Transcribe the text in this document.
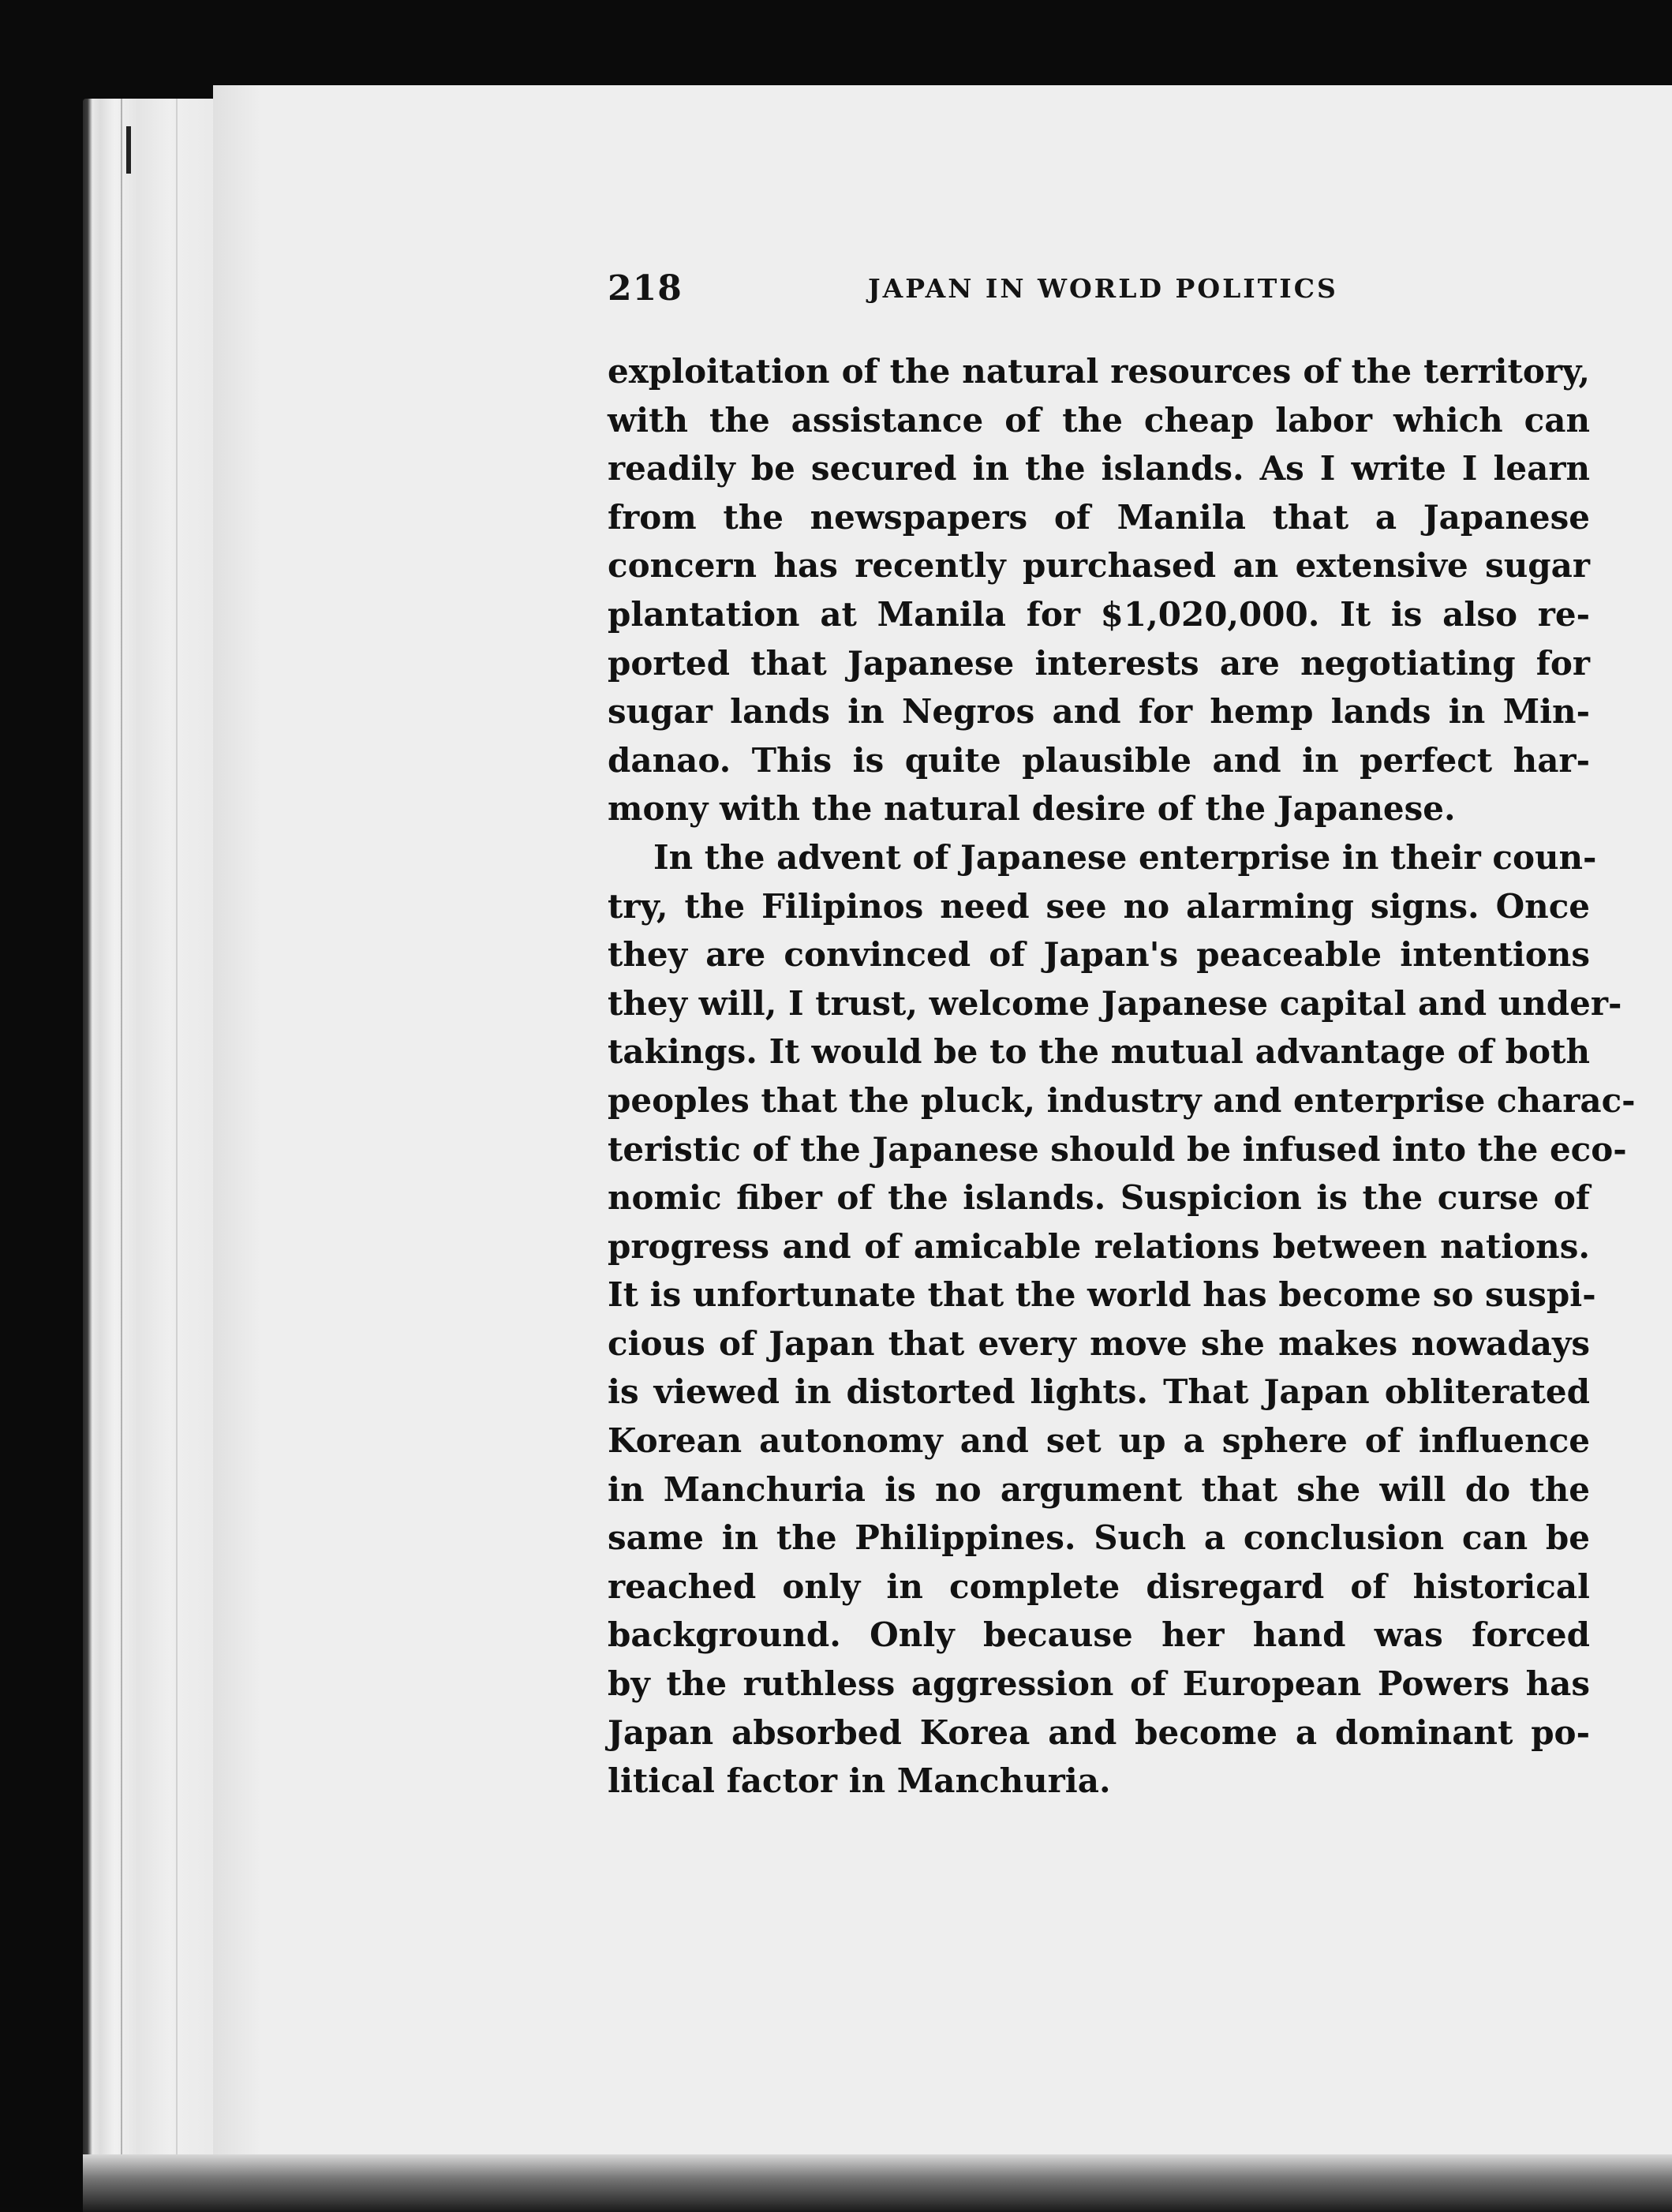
218	JAPAN IN WORLD POLITICS
exploitation of the natural resources of the territory,
with the assistance of the cheap labor which can
readily be secured in the islands. As I write I learn
from the newspapers of Manila that a Japanese
concern has recently purchased an extensive sugar
plantation at Manila for $1,020,000. It is also re-
ported that Japanese interests are negotiating for
sugar lands in Negros and for hemp lands in Min-
danao. This is quite plausible and in perfect har-
mony with the natural desire of the Japanese.
In the advent of Japanese enterprise in their coun-
try, the Filipinos need see no alarming signs. Once
they are convinced of Japan's peaceable intentions
they will, I trust, welcome Japanese capital and under-
takings. It would be to the mutual advantage of both
peoples that the pluck, industry and enterprise charac-
teristic of the Japanese should be infused into the eco-
nomic fiber of the islands. Suspicion is the curse of
progress and of amicable relations between nations.
It is unfortunate that the world has become so suspi-
cious of Japan that every move she makes nowadays
is viewed in distorted lights. That Japan obliterated
Korean autonomy and set up a sphere of influence
in Manchuria is no argument that she will do the
same in the Philippines. Such a conclusion can be
reached only in complete disregard of historical
background. Only because her hand was forced
by the ruthless aggression of European Powers has
Japan absorbed Korea and become a dominant po-
litical factor in Manchuria.
